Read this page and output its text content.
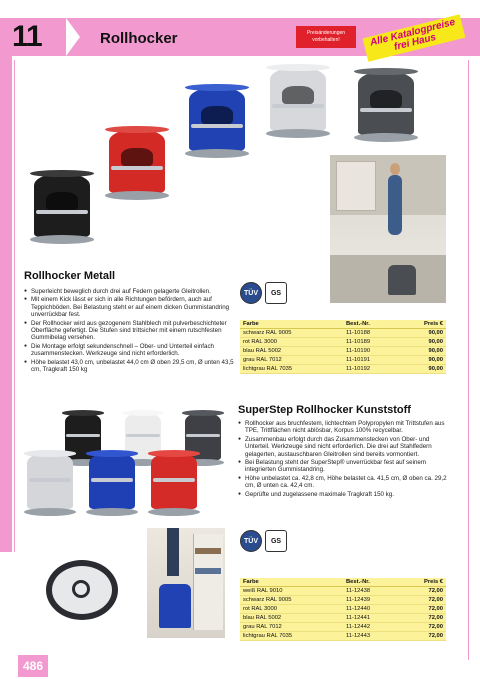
11	Rollhocker	Preisänderungen vorbehalten!	Alle Katalogpreise frei Haus
Rollhocker Metall
● Superleicht beweglich durch drei auf Federn gelagerte Gleitrollen.
● Mit einem Kick lässt er sich in alle Richtungen befördern, auch auf Teppichböden. Bei Belastung steht er auf einem dicken Gummistandring unverrückbar fest.
● Der Rollhocker wird aus gezogenem Stahlblech mit pulverbeschichteter Oberfläche gefertigt. Die Stufen sind trittsicher mit einem rutschfesten Gummibelag versehen.
● Die Montage erfolgt sekundenschnell – Ober- und Unterteil einfach zusammenstecken. Werkzeuge sind nicht erforderlich.
● Höhe belastet 43,0 cm, unbelastet 44,0 cm Ø oben 29,5 cm, Ø unten 43,5 cm, Tragkraft 150 kg
TÜV	GS
Farbe	Best.-Nr.	Preis €
schwarz RAL 9005	11-10188	90,00
rot RAL 3000	11-10189	90,00
blau RAL 5002	11-10190	90,00
grau RAL 7012	11-10191	90,00
lichtgrau RAL 7035	11-10192	90,00
SuperStep Rollhocker Kunststoff
● Rollhocker aus bruchfestem, lichtechtem Polypropylen mit Trittstufen aus TPE, Trittflächen nicht ablösbar, Korpus 100% recycelbar.
● Zusammenbau erfolgt durch das Zusammenstecken von Ober- und Unterteil. Werkzeuge sind nicht erforderlich. Die drei auf Stahlfedern gelagerten, austauschbaren Gleitrollen sind bereits vormontiert.
● Bei Belastung steht der SuperStep® unverrückbar fest auf seinem integrierten Gummistandring.
● Höhe unbelastet ca. 42,8 cm, Höhe belastet ca. 41,5 cm, Ø oben ca. 29,2 cm, Ø unten ca. 42,4 cm.
● Geprüfte und zugelassene maximale Tragkraft 150 kg.
TÜV	GS
Farbe	Best.-Nr.	Preis €
weiß RAL 9010	11-12438	72,00
schwarz RAL 9005	11-12439	72,00
rot RAL 3000	11-12440	72,00
blau RAL 5002	11-12441	72,00
grau RAL 7012	11-12442	72,00
lichtgrau RAL 7035	11-12443	72,00
486
